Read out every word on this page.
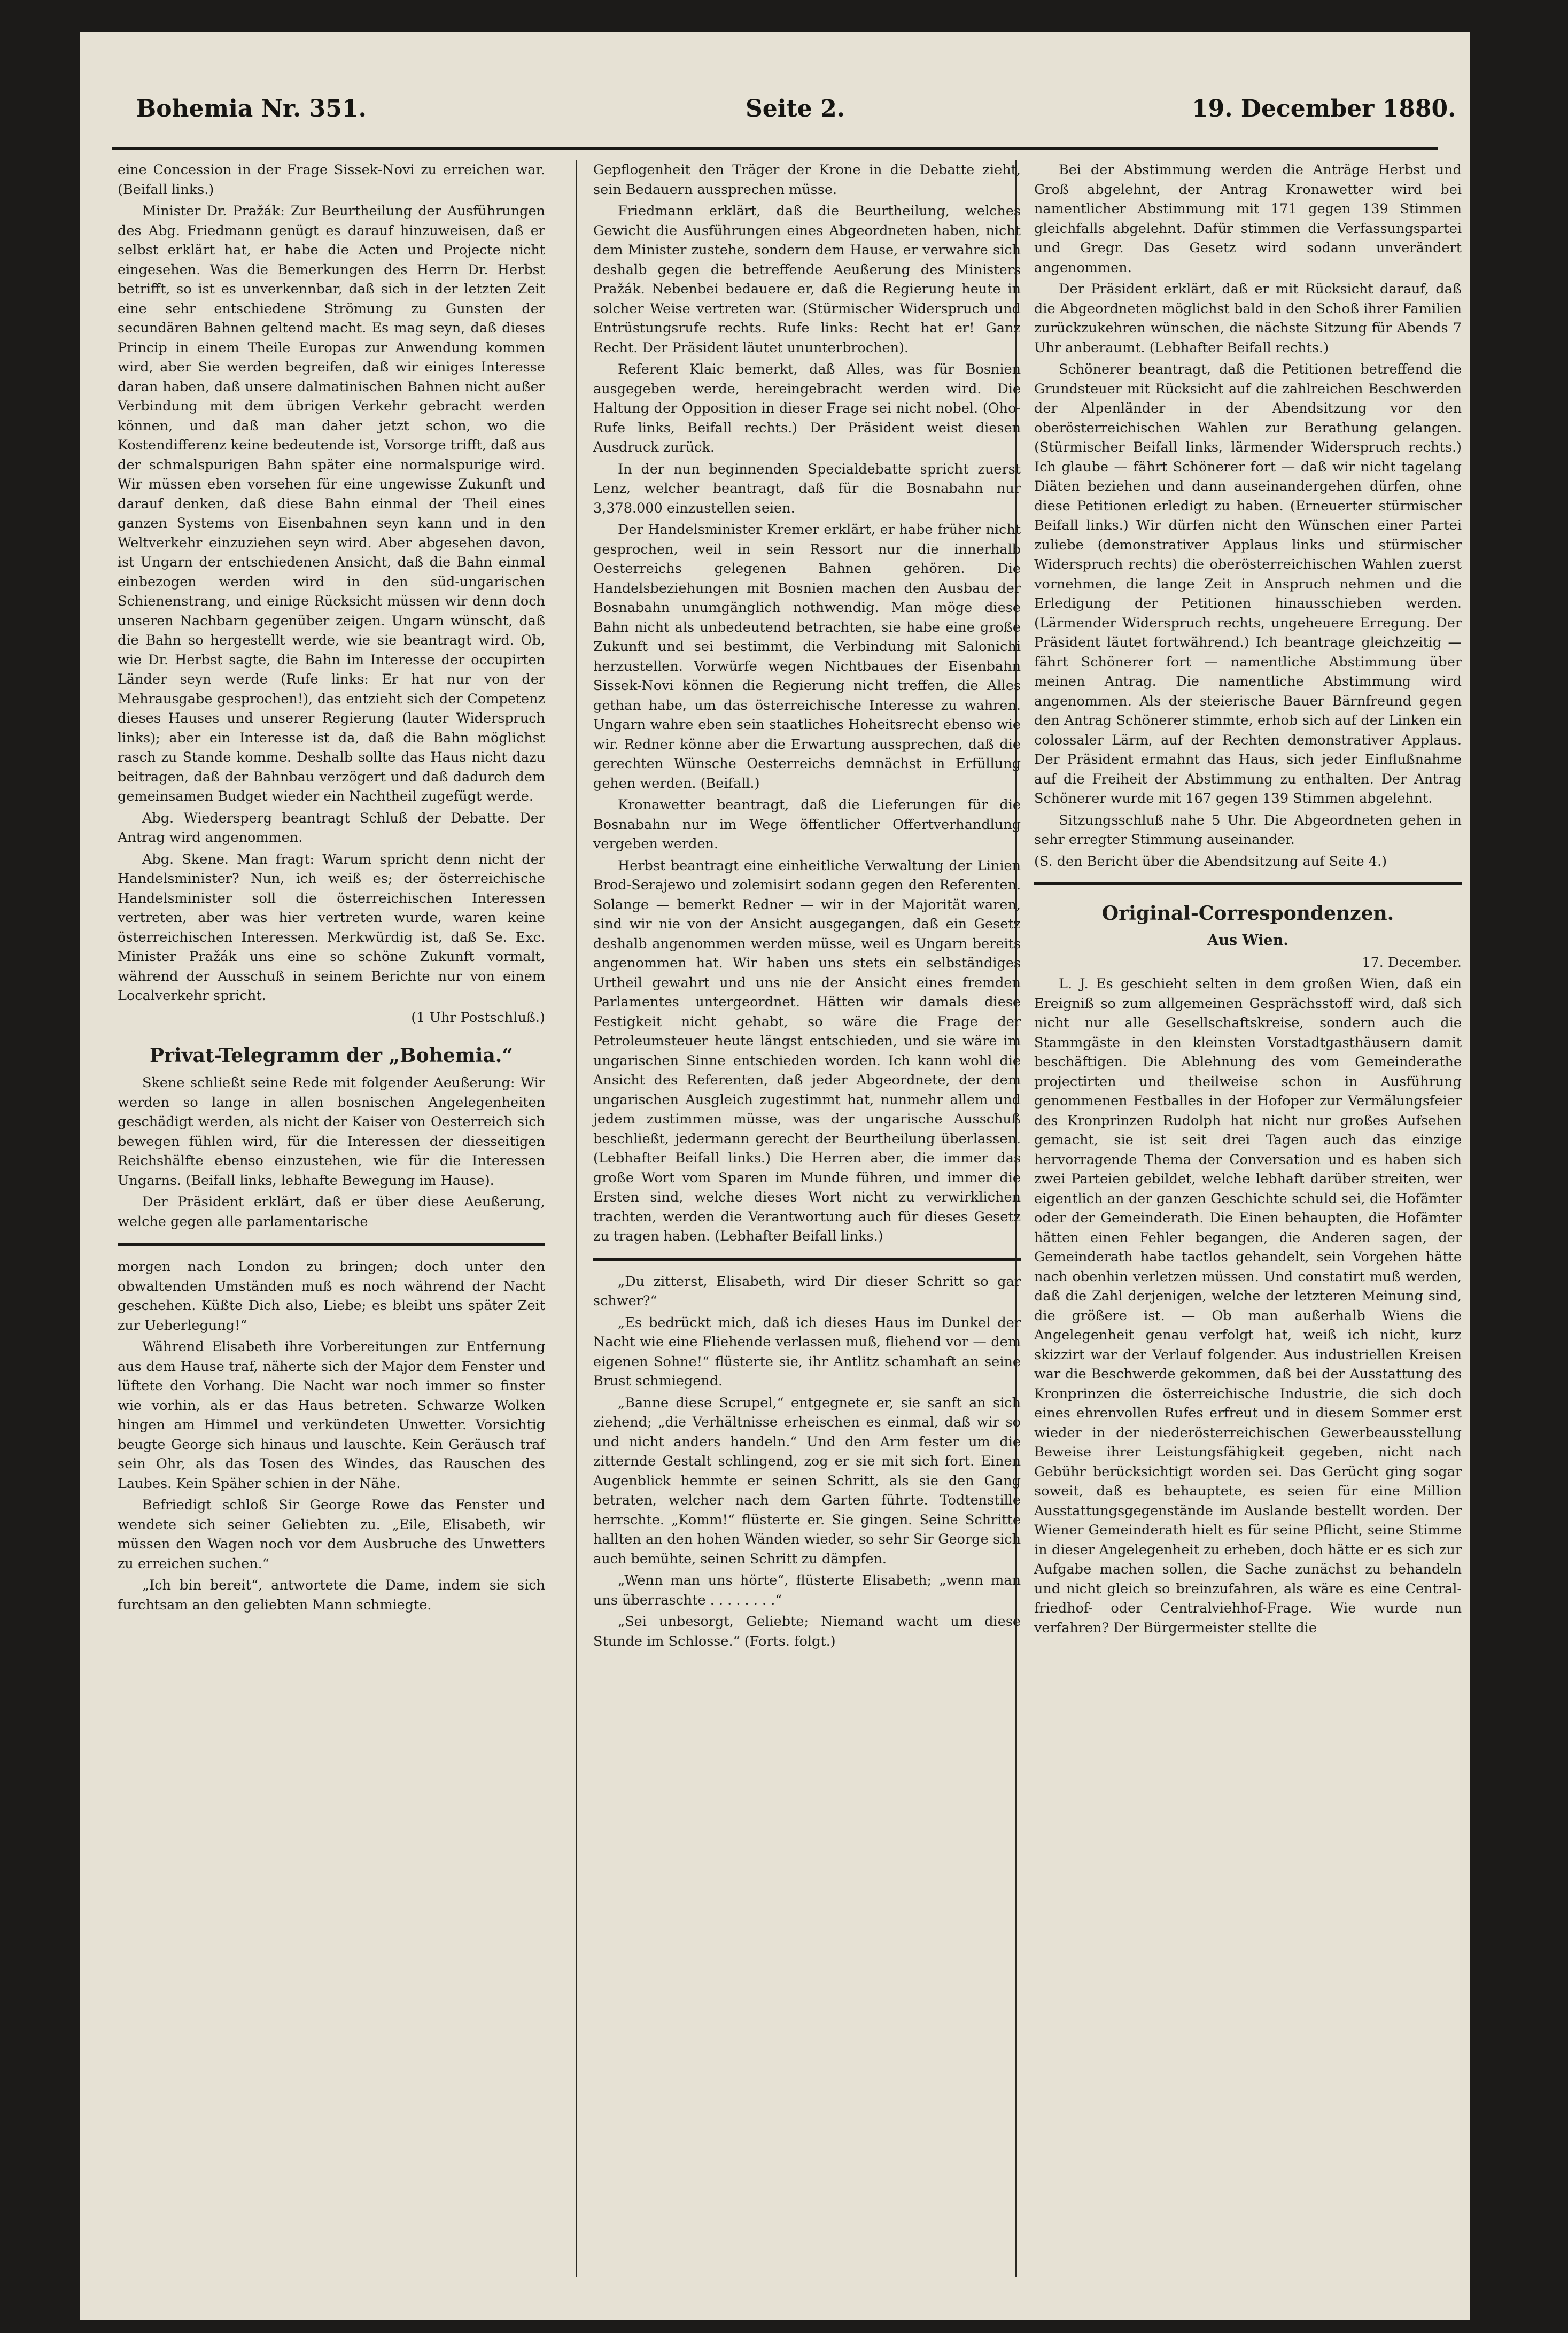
Bohemia Nr. 351.	Seite 2.	19. December 1880.

eine Concession in der Frage Sissek-Novi zu erreichen war. (Beifall links.)

Minister Dr. Pražák: Zur Beurtheilung der Ausführungen des Abg. Friedmann genügt es darauf hinzuweisen, daß er selbst erklärt hat, er habe die Acten und Projecte nicht eingesehen. Was die Bemerkungen des Herrn Dr. Herbst betrifft, so ist es unverkennbar, daß sich in der letzten Zeit eine sehr entschiedene Strömung zu Gunsten der secundären Bahnen geltend macht. Es mag seyn, daß dieses Princip in einem Theile Europas zur Anwendung kommen wird, aber Sie werden begreifen, daß wir einiges Interesse daran haben, daß unsere dalmatinischen Bahnen nicht außer Verbindung mit dem übrigen Verkehr gebracht werden können, und daß man daher jetzt schon, wo die Kostendifferenz keine bedeutende ist, Vorsorge trifft, daß aus der schmalspurigen Bahn später eine normalspurige wird. Wir müssen eben vorsehen für eine ungewisse Zukunft und darauf denken, daß diese Bahn einmal der Theil eines ganzen Systems von Eisenbahnen seyn kann und in den Weltverkehr einzuziehen seyn wird. Aber abgesehen davon, ist Ungarn der entschiedenen Ansicht, daß die Bahn einmal einbezogen werden wird in den süd-ungarischen Schienenstrang, und einige Rücksicht müssen wir denn doch unseren Nachbarn gegenüber zeigen. Ungarn wünscht, daß die Bahn so hergestellt werde, wie sie beantragt wird. Ob, wie Dr. Herbst sagte, die Bahn im Interesse der occupirten Länder seyn werde (Rufe links: Er hat nur von der Mehrausgabe gesprochen!), das entzieht sich der Competenz dieses Hauses und unserer Regierung (lauter Widerspruch links); aber ein Interesse ist da, daß die Bahn möglichst rasch zu Stande komme. Deshalb sollte das Haus nicht dazu beitragen, daß der Bahnbau verzögert und daß dadurch dem gemeinsamen Budget wieder ein Nachtheil zugefügt werde.

Abg. Wiedersperg beantragt Schluß der Debatte. Der Antrag wird angenommen.

Abg. Skene. Man fragt: Warum spricht denn nicht der Handelsminister? Nun, ich weiß es; der österreichische Handelsminister soll die österreichischen Interessen vertreten, aber was hier vertreten wurde, waren keine österreichischen Interessen. Merkwürdig ist, daß Se. Exc. Minister Pražák uns eine so schöne Zukunft vormalt, während der Ausschuß in seinem Berichte nur von einem Localverkehr spricht.

(1 Uhr Postschluß.)

Privat-Telegramm der „Bohemia.“

Skene schließt seine Rede mit folgender Aeußerung: Wir werden so lange in allen bosnischen Angelegenheiten geschädigt werden, als nicht der Kaiser von Oesterreich sich bewegen fühlen wird, für die Interessen der diesseitigen Reichshälfte ebenso einzustehen, wie für die Interessen Ungarns. (Beifall links, lebhafte Bewegung im Hause).

Der Präsident erklärt, daß er über diese Aeußerung, welche gegen alle parlamentarische

morgen nach London zu bringen; doch unter den obwaltenden Umständen muß es noch während der Nacht geschehen. Küßte Dich also, Liebe; es bleibt uns später Zeit zur Ueberlegung!“

Während Elisabeth ihre Vorbereitungen zur Entfernung aus dem Hause traf, näherte sich der Major dem Fenster und lüftete den Vorhang. Die Nacht war noch immer so finster wie vorhin, als er das Haus betreten. Schwarze Wolken hingen am Himmel und verkündeten Unwetter. Vorsichtig beugte George sich hinaus und lauschte. Kein Geräusch traf sein Ohr, als das Tosen des Windes, das Rauschen des Laubes. Kein Späher schien in der Nähe.

Befriedigt schloß Sir George Rowe das Fenster und wendete sich seiner Geliebten zu. „Eile, Elisabeth, wir müssen den Wagen noch vor dem Ausbruche des Unwetters zu erreichen suchen.“

„Ich bin bereit“, antwortete die Dame, indem sie sich furchtsam an den geliebten Mann schmiegte.

Gepflogenheit den Träger der Krone in die Debatte zieht, sein Bedauern aussprechen müsse.

Friedmann erklärt, daß die Beurtheilung, welches Gewicht die Ausführungen eines Abgeordneten haben, nicht dem Minister zustehe, sondern dem Hause, er verwahre sich deshalb gegen die betreffende Aeußerung des Ministers Pražák. Nebenbei bedauere er, daß die Regierung heute in solcher Weise vertreten war. (Stürmischer Widerspruch und Entrüstungsrufe rechts. Rufe links: Recht hat er! Ganz Recht. Der Präsident läutet ununterbrochen).

Referent Klaic bemerkt, daß Alles, was für Bosnien ausgegeben werde, hereingebracht werden wird. Die Haltung der Opposition in dieser Frage sei nicht nobel. (Oho-Rufe links, Beifall rechts.) Der Präsident weist diesen Ausdruck zurück.

In der nun beginnenden Specialdebatte spricht zuerst Lenz, welcher beantragt, daß für die Bosnabahn nur 3,378.000 einzustellen seien.

Der Handelsminister Kremer erklärt, er habe früher nicht gesprochen, weil in sein Ressort nur die innerhalb Oesterreichs gelegenen Bahnen gehören. Die Handelsbeziehungen mit Bosnien machen den Ausbau der Bosnabahn unumgänglich nothwendig. Man möge diese Bahn nicht als unbedeutend betrachten, sie habe eine große Zukunft und sei bestimmt, die Verbindung mit Salonichi herzustellen. Vorwürfe wegen Nichtbaues der Eisenbahn Sissek-Novi können die Regierung nicht treffen, die Alles gethan habe, um das österreichische Interesse zu wahren. Ungarn wahre eben sein staatliches Hoheitsrecht ebenso wie wir. Redner könne aber die Erwartung aussprechen, daß die gerechten Wünsche Oesterreichs demnächst in Erfüllung gehen werden. (Beifall.)

Kronawetter beantragt, daß die Lieferungen für die Bosnabahn nur im Wege öffentlicher Offertverhandlung vergeben werden.

Herbst beantragt eine einheitliche Verwaltung der Linien Brod-Serajewo und zolemisirt sodann gegen den Referenten. Solange — bemerkt Redner — wir in der Majorität waren, sind wir nie von der Ansicht ausgegangen, daß ein Gesetz deshalb angenommen werden müsse, weil es Ungarn bereits angenommen hat. Wir haben uns stets ein selbständiges Urtheil gewahrt und uns nie der Ansicht eines fremden Parlamentes untergeordnet. Hätten wir damals diese Festigkeit nicht gehabt, so wäre die Frage der Petroleumsteuer heute längst entschieden, und sie wäre im ungarischen Sinne entschieden worden. Ich kann wohl die Ansicht des Referenten, daß jeder Abgeordnete, der dem ungarischen Ausgleich zugestimmt hat, nunmehr allem und jedem zustimmen müsse, was der ungarische Ausschuß beschließt, jedermann gerecht der Beurtheilung überlassen. (Lebhafter Beifall links.) Die Herren aber, die immer das große Wort vom Sparen im Munde führen, und immer die Ersten sind, welche dieses Wort nicht zu verwirklichen trachten, werden die Verantwortung auch für dieses Gesetz zu tragen haben. (Lebhafter Beifall links.)

„Du zitterst, Elisabeth, wird Dir dieser Schritt so gar schwer?“

„Es bedrückt mich, daß ich dieses Haus im Dunkel der Nacht wie eine Fliehende verlassen muß, fliehend vor — dem eigenen Sohne!“ flüsterte sie, ihr Antlitz schamhaft an seine Brust schmiegend.

„Banne diese Scrupel,“ entgegnete er, sie sanft an sich ziehend; „die Verhältnisse erheischen es einmal, daß wir so und nicht anders handeln.“ Und den Arm fester um die zitternde Gestalt schlingend, zog er sie mit sich fort. Einen Augenblick hemmte er seinen Schritt, als sie den Gang betraten, welcher nach dem Garten führte. Todtenstille herrschte. „Komm!“ flüsterte er. Sie gingen. Seine Schritte hallten an den hohen Wänden wieder, so sehr Sir George sich auch bemühte, seinen Schritt zu dämpfen.

„Wenn man uns hörte“, flüsterte Elisabeth; „wenn man uns überraschte . . . . . . . .“

„Sei unbesorgt, Geliebte; Niemand wacht um diese Stunde im Schlosse.“ (Forts. folgt.)

Bei der Abstimmung werden die Anträge Herbst und Groß abgelehnt, der Antrag Kronawetter wird bei namentlicher Abstimmung mit 171 gegen 139 Stimmen gleichfalls abgelehnt. Dafür stimmen die Verfassungspartei und Gregr. Das Gesetz wird sodann unverändert angenommen.

Der Präsident erklärt, daß er mit Rücksicht darauf, daß die Abgeordneten möglichst bald in den Schoß ihrer Familien zurückzukehren wünschen, die nächste Sitzung für Abends 7 Uhr anberaumt. (Lebhafter Beifall rechts.)

Schönerer beantragt, daß die Petitionen betreffend die Grundsteuer mit Rücksicht auf die zahlreichen Beschwerden der Alpenländer in der Abendsitzung vor den oberösterreichischen Wahlen zur Berathung gelangen. (Stürmischer Beifall links, lärmender Widerspruch rechts.) Ich glaube — fährt Schönerer fort — daß wir nicht tagelang Diäten beziehen und dann auseinandergehen dürfen, ohne diese Petitionen erledigt zu haben. (Erneuerter stürmischer Beifall links.) Wir dürfen nicht den Wünschen einer Partei zuliebe (demonstrativer Applaus links und stürmischer Widerspruch rechts) die oberösterreichischen Wahlen zuerst vornehmen, die lange Zeit in Anspruch nehmen und die Erledigung der Petitionen hinausschieben werden. (Lärmender Widerspruch rechts, ungeheuere Erregung. Der Präsident läutet fortwährend.) Ich beantrage gleichzeitig — fährt Schönerer fort — namentliche Abstimmung über meinen Antrag. Die namentliche Abstimmung wird angenommen. Als der steierische Bauer Bärnfreund gegen den Antrag Schönerer stimmte, erhob sich auf der Linken ein colossaler Lärm, auf der Rechten demonstrativer Applaus. Der Präsident ermahnt das Haus, sich jeder Einflußnahme auf die Freiheit der Abstimmung zu enthalten. Der Antrag Schönerer wurde mit 167 gegen 139 Stimmen abgelehnt.

Sitzungsschluß nahe 5 Uhr. Die Abgeordneten gehen in sehr erregter Stimmung auseinander.

(S. den Bericht über die Abendsitzung auf Seite 4.)

Original-Correspondenzen.
Aus Wien.
17. December.

L. J. Es geschieht selten in dem großen Wien, daß ein Ereigniß so zum allgemeinen Gesprächsstoff wird, daß sich nicht nur alle Gesellschaftskreise, sondern auch die Stammgäste in den kleinsten Vorstadtgasthäusern damit beschäftigen. Die Ablehnung des vom Gemeinderathe projectirten und theilweise schon in Ausführung genommenen Festballes in der Hofoper zur Vermälungsfeier des Kronprinzen Rudolph hat nicht nur großes Aufsehen gemacht, sie ist seit drei Tagen auch das einzige hervorragende Thema der Conversation und es haben sich zwei Parteien gebildet, welche lebhaft darüber streiten, wer eigentlich an der ganzen Geschichte schuld sei, die Hofämter oder der Gemeinderath. Die Einen behaupten, die Hofämter hätten einen Fehler begangen, die Anderen sagen, der Gemeinderath habe tactlos gehandelt, sein Vorgehen hätte nach obenhin verletzen müssen. Und constatirt muß werden, daß die Zahl derjenigen, welche der letzteren Meinung sind, die größere ist. — Ob man außerhalb Wiens die Angelegenheit genau verfolgt hat, weiß ich nicht, kurz skizzirt war der Verlauf folgender. Aus industriellen Kreisen war die Beschwerde gekommen, daß bei der Ausstattung des Kronprinzen die österreichische Industrie, die sich doch eines ehrenvollen Rufes erfreut und in diesem Sommer erst wieder in der niederösterreichischen Gewerbeausstellung Beweise ihrer Leistungsfähigkeit gegeben, nicht nach Gebühr berücksichtigt worden sei. Das Gerücht ging sogar soweit, daß es behauptete, es seien für eine Million Ausstattungsgegenstände im Auslande bestellt worden. Der Wiener Gemeinderath hielt es für seine Pflicht, seine Stimme in dieser Angelegenheit zu erheben, doch hätte er es sich zur Aufgabe machen sollen, die Sache zunächst zu behandeln und nicht gleich so breinzufahren, als wäre es eine Central-friedhof- oder Centralviehhof-Frage. Wie wurde nun verfahren? Der Bürgermeister stellte die
